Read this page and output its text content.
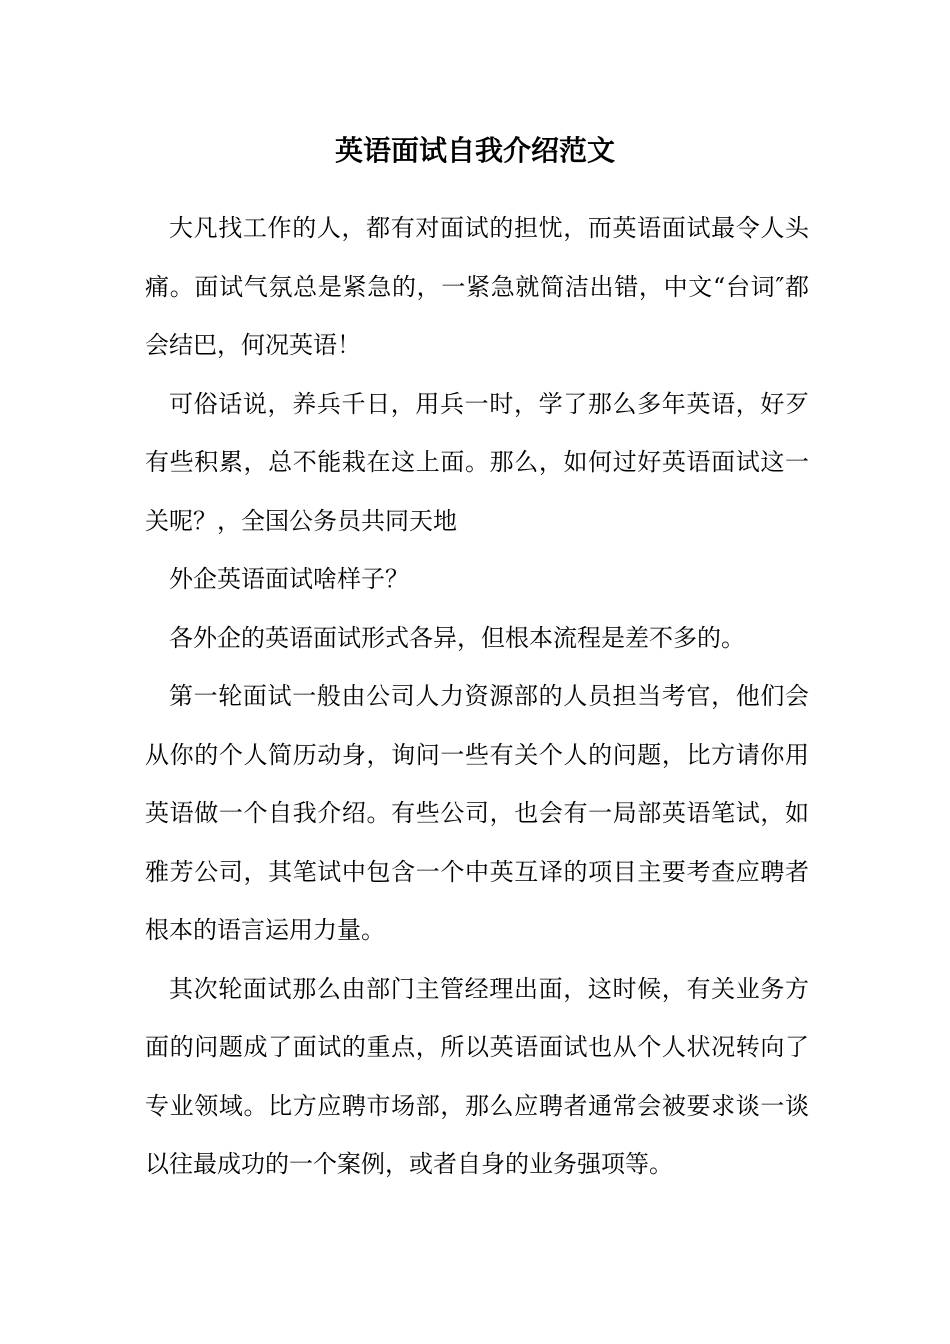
英语面试自我介绍范文

大凡找工作的人，都有对面试的担忧，而英语面试最令人头痛。面试气氛总是紧急的，一紧急就简洁出错，中文“台词″都会结巴，何况英语！

可俗话说，养兵千日，用兵一时，学了那么多年英语，好歹有些积累，总不能栽在这上面。那么，如何过好英语面试这一关呢？，全国公务员共同天地

外企英语面试啥样子？

各外企的英语面试形式各异，但根本流程是差不多的。

第一轮面试一般由公司人力资源部的人员担当考官，他们会从你的个人简历动身，询问一些有关个人的问题，比方请你用英语做一个自我介绍。有些公司，也会有一局部英语笔试，如雅芳公司，其笔试中包含一个中英互译的项目主要考查应聘者根本的语言运用力量。

其次轮面试那么由部门主管经理出面，这时候，有关业务方面的问题成了面试的重点，所以英语面试也从个人状况转向了专业领域。比方应聘市场部，那么应聘者通常会被要求谈一谈以往最成功的一个案例，或者自身的业务强项等。
